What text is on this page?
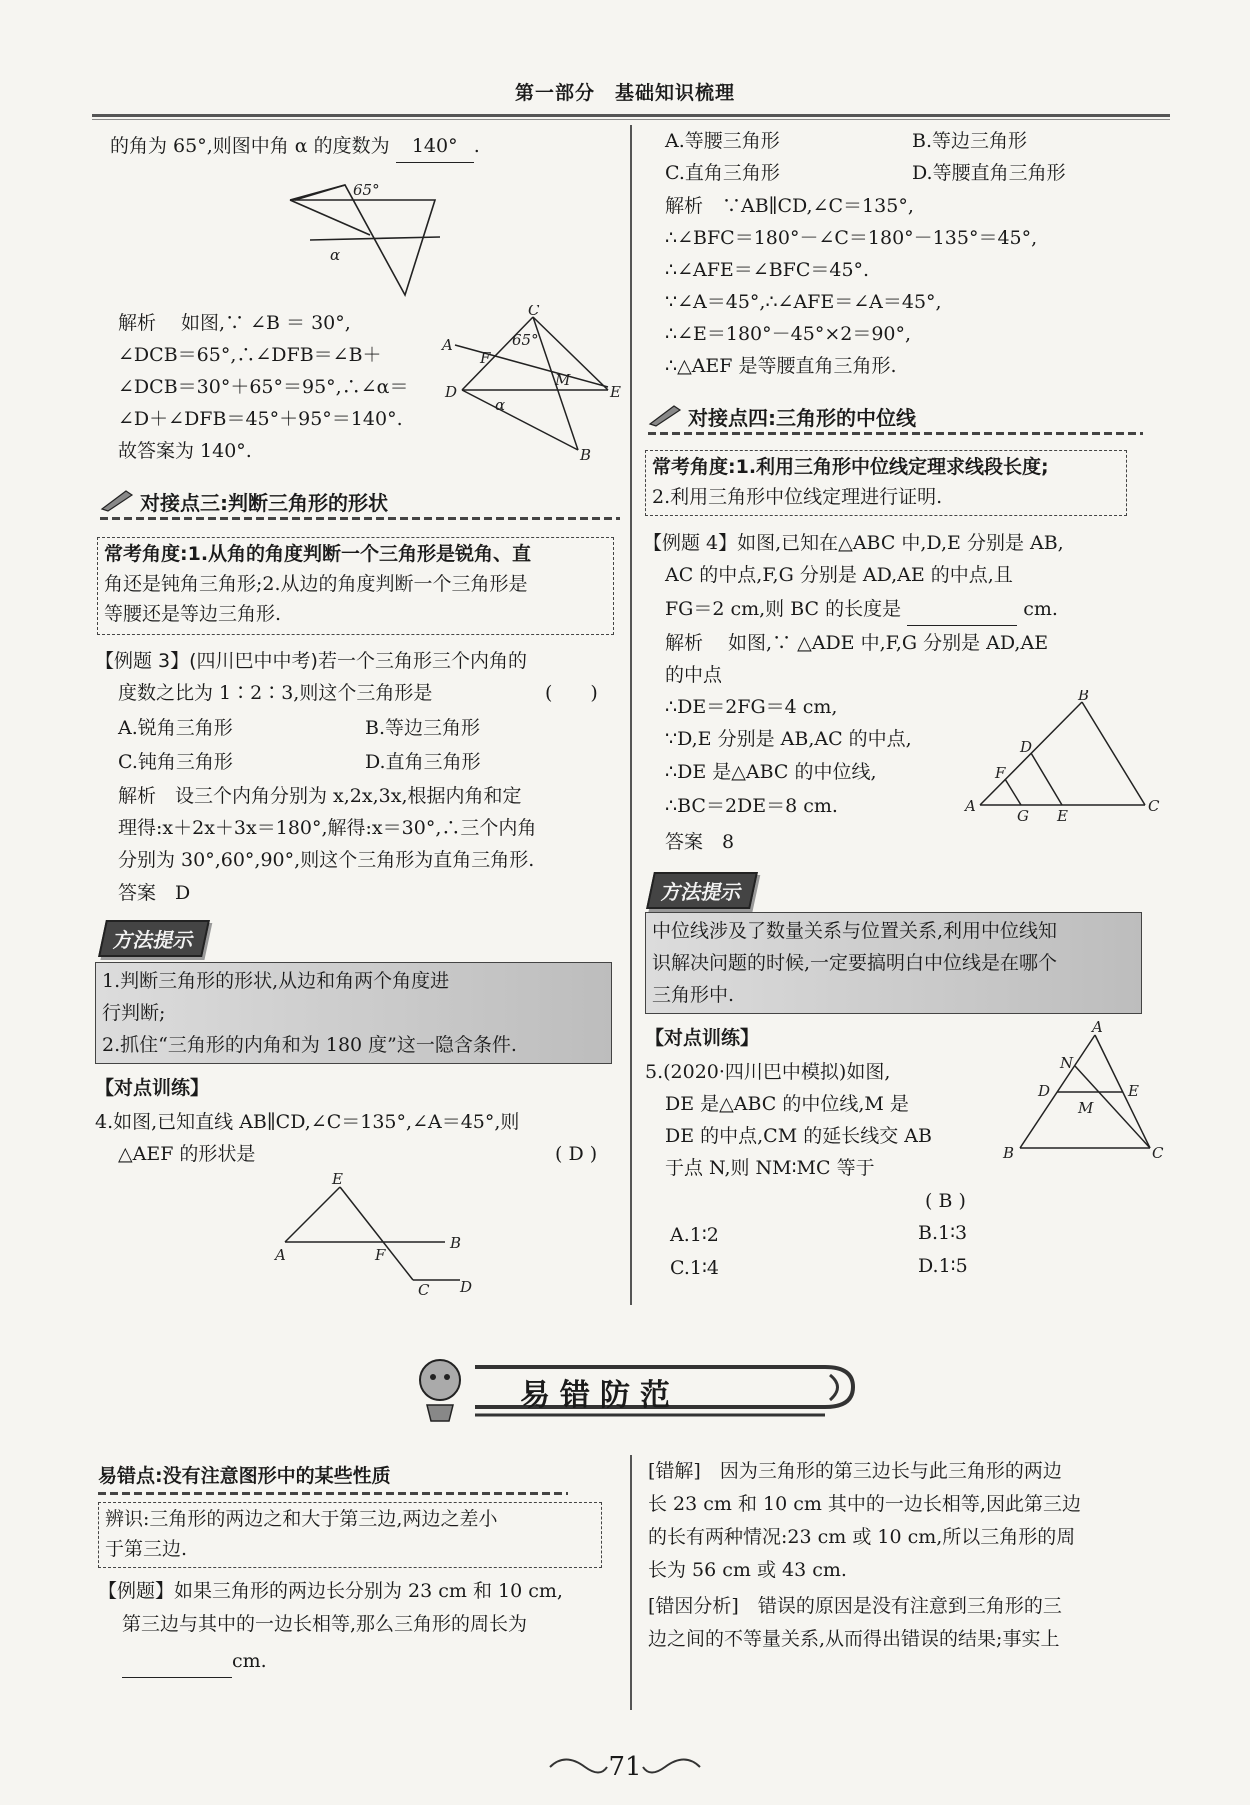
第一部分　基础知识梳理
的角为 65°,则图中角 α 的度数为 140° .
65°
α
解析　 如图,∵ ∠B ＝ 30°,
∠DCB＝65°,∴∠DFB＝∠B＋
∠DCB＝30°＋65°＝95°,∴∠α＝
∠D＋∠DFB＝45°＋95°＝140°.
故答案为 140°.
C
A
F
65°
D
M
E
α
B
对接点三:判断三角形的形状
常考角度:1.从角的角度判断一个三角形是锐角、直
角还是钝角三角形;2.从边的角度判断一个三角形是
等腰还是等边三角形.
【例题 3】(四川巴中中考)若一个三角形三个内角的
度数之比为 1∶2∶3,则这个三角形是	(　　)
A.锐角三角形	B.等边三角形
C.钝角三角形	D.直角三角形
解析　设三个内角分别为 x,2x,3x,根据内角和定
理得:x＋2x＋3x＝180°,解得:x＝30°,∴三个内角
分别为 30°,60°,90°,则这个三角形为直角三角形.
答案　D
方法提示
1.判断三角形的形状,从边和角两个角度进
行判断;
2.抓住“三角形的内角和为 180 度”这一隐含条件.
【对点训练】
4.如图,已知直线 AB∥CD,∠C＝135°,∠A＝45°,则
△AEF 的形状是	( D )
E
A	F
B
C D
A.等腰三角形	B.等边三角形
C.直角三角形	D.等腰直角三角形
解析　∵AB∥CD,∠C＝135°,
∴∠BFC＝180°－∠C＝180°－135°＝45°,
∴∠AFE＝∠BFC＝45°.
∵∠A＝45°,∴∠AFE＝∠A＝45°,
∴∠E＝180°－45°×2＝90°,
∴△AEF 是等腰直角三角形.
对接点四:三角形的中位线
常考角度:1.利用三角形中位线定理求线段长度;
2.利用三角形中位线定理进行证明.
【例题 4】如图,已知在△ABC 中,D,E 分别是 AB,
AC 的中点,F,G 分别是 AD,AE 的中点,且
FG＝2 cm,则 BC 的长度是	cm.
解析　 如图,∵ △ADE 中,F,G 分别是 AD,AE
的中点
∴DE＝2FG＝4 cm,
∵D,E 分别是 AB,AC 的中点,
∴DE 是△ABC 的中位线,
∴BC＝2DE＝8 cm.
答案　8
B
D
F
A
G E
C
方法提示
中位线涉及了数量关系与位置关系,利用中位线知
识解决问题的时候,一定要搞明白中位线是在哪个
三角形中.
【对点训练】
5.(2020·四川巴中模拟)如图,
DE 是△ABC 的中位线,M 是
DE 的中点,CM 的延长线交 AB
于点 N,则 NM∶MC 等于
( B )
A.1∶2	B.1∶3
C.1∶4	D.1∶5
A
N
D	E
M
B	C
易错防范
易错点:没有注意图形中的某些性质
辨识:三角形的两边之和大于第三边,两边之差小
于第三边.
【例题】如果三角形的两边长分别为 23 cm 和 10 cm,
第三边与其中的一边长相等,那么三角形的周长为
cm.
[错解]　因为三角形的第三边长与此三角形的两边
长 23 cm 和 10 cm 其中的一边长相等,因此第三边
的长有两种情况:23 cm 或 10 cm,所以三角形的周
长为 56 cm 或 43 cm.
[错因分析]　错误的原因是没有注意到三角形的三
边之间的不等量关系,从而得出错误的结果;事实上
71
